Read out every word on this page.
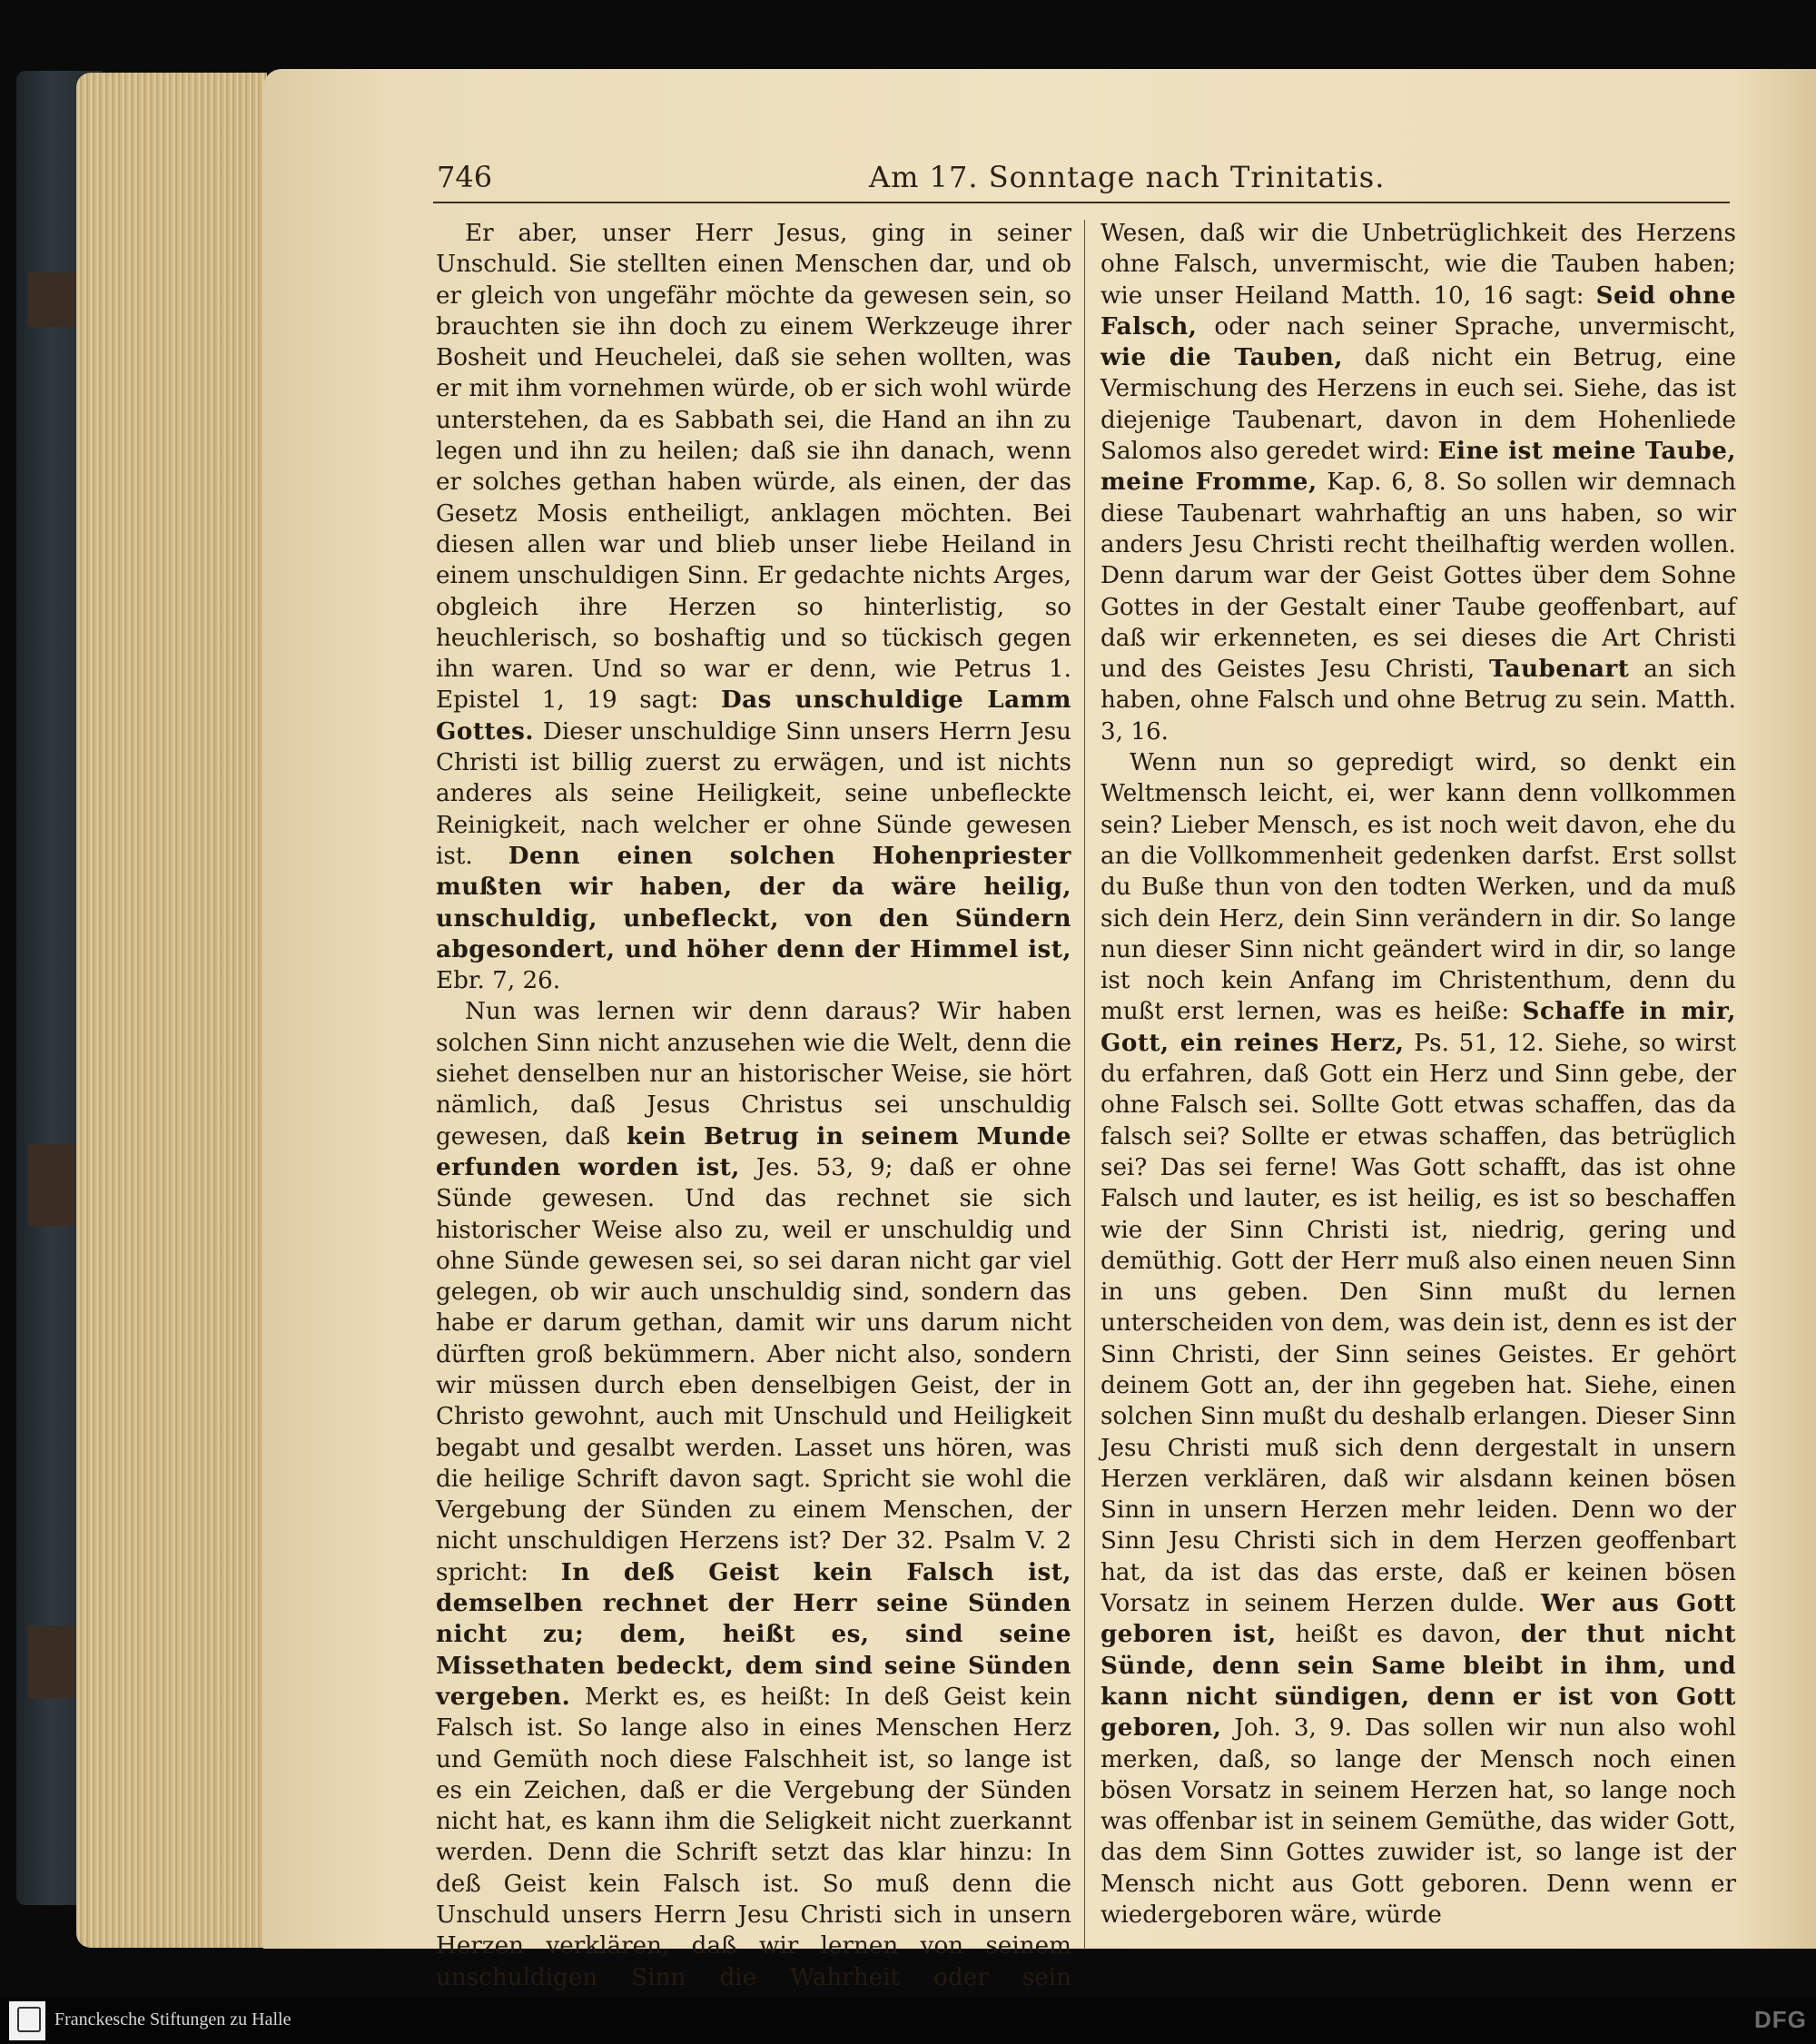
746	Am 17. Sonntage nach Trinitatis.

Er aber, unser Herr Jesus, ging in seiner Unschuld. Sie stellten einen Menschen dar, und ob er gleich von ungefähr möchte da gewesen sein, so brauchten sie ihn doch zu einem Werkzeuge ihrer Bosheit und Heuchelei, daß sie sehen wollten, was er mit ihm vornehmen würde, ob er sich wohl würde unterstehen, da es Sabbath sei, die Hand an ihn zu legen und ihn zu heilen; daß sie ihn danach, wenn er solches gethan haben würde, als einen, der das Gesetz Mosis entheiligt, anklagen möchten. Bei diesen allen war und blieb unser liebe Heiland in einem unschuldigen Sinn. Er gedachte nichts Arges, obgleich ihre Herzen so hinterlistig, so heuchlerisch, so boshaftig und so tückisch gegen ihn waren. Und so war er denn, wie Petrus 1. Epistel 1, 19 sagt: Das unschuldige Lamm Gottes. Dieser unschuldige Sinn unsers Herrn Jesu Christi ist billig zuerst zu erwägen, und ist nichts anderes als seine Heiligkeit, seine unbefleckte Reinigkeit, nach welcher er ohne Sünde gewesen ist. Denn einen solchen Hohenpriester mußten wir haben, der da wäre heilig, unschuldig, unbefleckt, von den Sündern abgesondert, und höher denn der Himmel ist, Ebr. 7, 26.

Nun was lernen wir denn daraus? Wir haben solchen Sinn nicht anzusehen wie die Welt, denn die siehet denselben nur an historischer Weise, sie hört nämlich, daß Jesus Christus sei unschuldig gewesen, daß kein Betrug in seinem Munde erfunden worden ist, Jes. 53, 9; daß er ohne Sünde gewesen. Und das rechnet sie sich historischer Weise also zu, weil er unschuldig und ohne Sünde gewesen sei, so sei daran nicht gar viel gelegen, ob wir auch unschuldig sind, sondern das habe er darum gethan, damit wir uns darum nicht dürften groß bekümmern. Aber nicht also, sondern wir müssen durch eben denselbigen Geist, der in Christo gewohnt, auch mit Unschuld und Heiligkeit begabt und gesalbt werden. Lasset uns hören, was die heilige Schrift davon sagt. Spricht sie wohl die Vergebung der Sünden zu einem Menschen, der nicht unschuldigen Herzens ist? Der 32. Psalm V. 2 spricht: In deß Geist kein Falsch ist, demselben rechnet der Herr seine Sünden nicht zu; dem, heißt es, sind seine Missethaten bedeckt, dem sind seine Sünden vergeben. Merkt es, es heißt: In deß Geist kein Falsch ist. So lange also in eines Menschen Herz und Gemüth noch diese Falschheit ist, so lange ist es ein Zeichen, daß er die Vergebung der Sünden nicht hat, es kann ihm die Seligkeit nicht zuerkannt werden. Denn die Schrift setzt das klar hinzu: In deß Geist kein Falsch ist. So muß denn die Unschuld unsers Herrn Jesu Christi sich in unsern Herzen verklären, daß wir lernen von seinem unschuldigen Sinn die Wahrheit oder sein

Wesen, daß wir die Unbetrüglichkeit des Herzens ohne Falsch, unvermischt, wie die Tauben haben; wie unser Heiland Matth. 10, 16 sagt: Seid ohne Falsch, oder nach seiner Sprache, unvermischt, wie die Tauben, daß nicht ein Betrug, eine Vermischung des Herzens in euch sei. Siehe, das ist diejenige Taubenart, davon in dem Hohenliede Salomos also geredet wird: Eine ist meine Taube, meine Fromme, Kap. 6, 8. So sollen wir demnach diese Taubenart wahrhaftig an uns haben, so wir anders Jesu Christi recht theilhaftig werden wollen. Denn darum war der Geist Gottes über dem Sohne Gottes in der Gestalt einer Taube geoffenbart, auf daß wir erkenneten, es sei dieses die Art Christi und des Geistes Jesu Christi, Taubenart an sich haben, ohne Falsch und ohne Betrug zu sein. Matth. 3, 16.

Wenn nun so gepredigt wird, so denkt ein Weltmensch leicht, ei, wer kann denn vollkommen sein? Lieber Mensch, es ist noch weit davon, ehe du an die Vollkommenheit gedenken darfst. Erst sollst du Buße thun von den todten Werken, und da muß sich dein Herz, dein Sinn verändern in dir. So lange nun dieser Sinn nicht geändert wird in dir, so lange ist noch kein Anfang im Christenthum, denn du mußt erst lernen, was es heiße: Schaffe in mir, Gott, ein reines Herz, Ps. 51, 12. Siehe, so wirst du erfahren, daß Gott ein Herz und Sinn gebe, der ohne Falsch sei. Sollte Gott etwas schaffen, das da falsch sei? Sollte er etwas schaffen, das betrüglich sei? Das sei ferne! Was Gott schafft, das ist ohne Falsch und lauter, es ist heilig, es ist so beschaffen wie der Sinn Christi ist, niedrig, gering und demüthig. Gott der Herr muß also einen neuen Sinn in uns geben. Den Sinn mußt du lernen unterscheiden von dem, was dein ist, denn es ist der Sinn Christi, der Sinn seines Geistes. Er gehört deinem Gott an, der ihn gegeben hat. Siehe, einen solchen Sinn mußt du deshalb erlangen. Dieser Sinn Jesu Christi muß sich denn dergestalt in unsern Herzen verklären, daß wir alsdann keinen bösen Sinn in unsern Herzen mehr leiden. Denn wo der Sinn Jesu Christi sich in dem Herzen geoffenbart hat, da ist das das erste, daß er keinen bösen Vorsatz in seinem Herzen dulde. Wer aus Gott geboren ist, heißt es davon, der thut nicht Sünde, denn sein Same bleibt in ihm, und kann nicht sündigen, denn er ist von Gott geboren, Joh. 3, 9. Das sollen wir nun also wohl merken, daß, so lange der Mensch noch einen bösen Vorsatz in seinem Herzen hat, so lange noch was offenbar ist in seinem Gemüthe, das wider Gott, das dem Sinn Gottes zuwider ist, so lange ist der Mensch nicht aus Gott geboren. Denn wenn er wiedergeboren wäre, würde

Franckesche Stiftungen zu Halle	DFG
